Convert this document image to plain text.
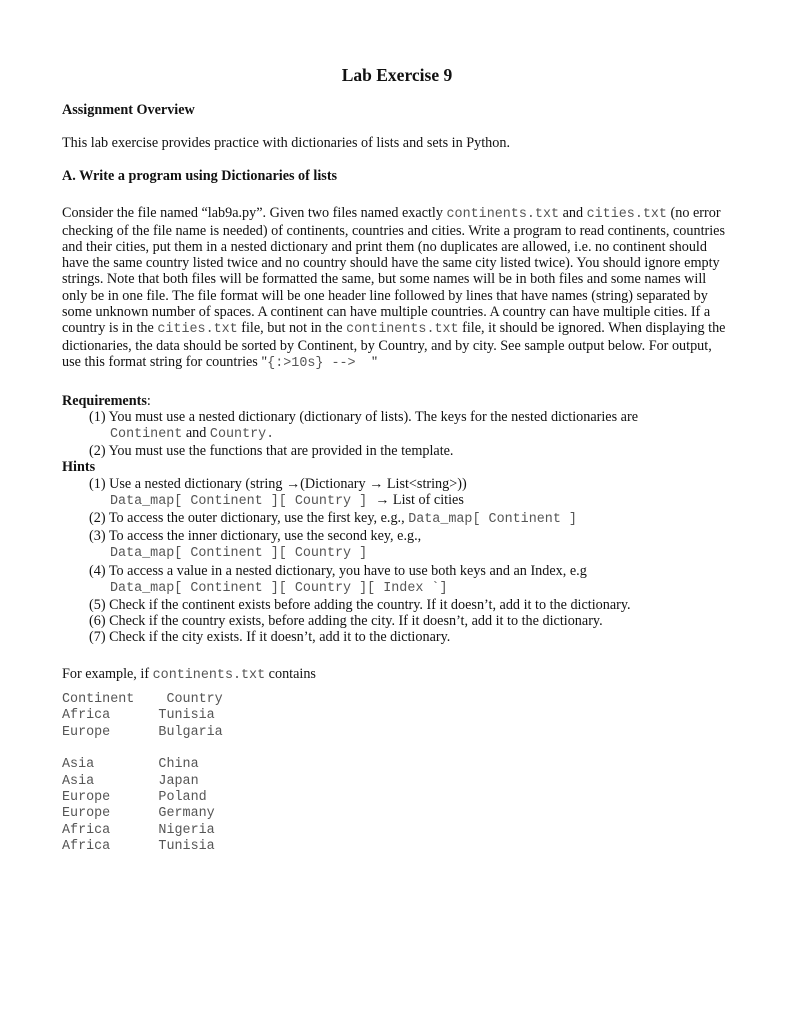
Lab Exercise 9

Assignment Overview

This lab exercise provides practice with dictionaries of lists and sets in Python.

A. Write a program using Dictionaries of lists

Consider the file named “lab9a.py”. Given two files named exactly continents.txt and cities.txt (no error checking of the file name is needed) of continents, countries and cities. Write a program to read continents, countries and their cities, put them in a nested dictionary and print them (no duplicates are allowed, i.e. no continent should have the same country listed twice and no country should have the same city listed twice). You should ignore empty strings. Note that both files will be formatted the same, but some names will be in both files and some names will only be in one file. The file format will be one header line followed by lines that have names (string) separated by some unknown number of spaces. A continent can have multiple countries. A country can have multiple cities. If a country is in the cities.txt file, but not in the continents.txt file, it should be ignored. When displaying the dictionaries, the data should be sorted by Continent, by Country, and by city. See sample output below. For output, use this format string for countries "{:>10s} -->  "

Requirements:

(1) You must use a nested dictionary (dictionary of lists). The keys for the nested dictionaries are
Continent and Country.
(2) You must use the functions that are provided in the template.

Hints

(1) Use a nested dictionary (string →(Dictionary → List<string>))
Data_map[ Continent ][ Country ] → List of cities
(2) To access the outer dictionary, use the first key, e.g., Data_map[ Continent ]
(3) To access the inner dictionary, use the second key, e.g.,
Data_map[ Continent ][ Country ]
(4) To access a value in a nested dictionary, you have to use both keys and an Index, e.g
Data_map[ Continent ][ Country ][ Index `]
(5) Check if the continent exists before adding the country. If it doesn’t, add it to the dictionary.
(6) Check if the country exists, before adding the city. If it doesn’t, add it to the dictionary.
(7) Check if the city exists. If it doesn’t, add it to the dictionary.

For example, if continents.txt contains

Continent    Country
Africa      Tunisia
Europe      Bulgaria
Asia        China
Asia        Japan
Europe      Poland
Europe      Germany
Africa      Nigeria
Africa      Tunisia
